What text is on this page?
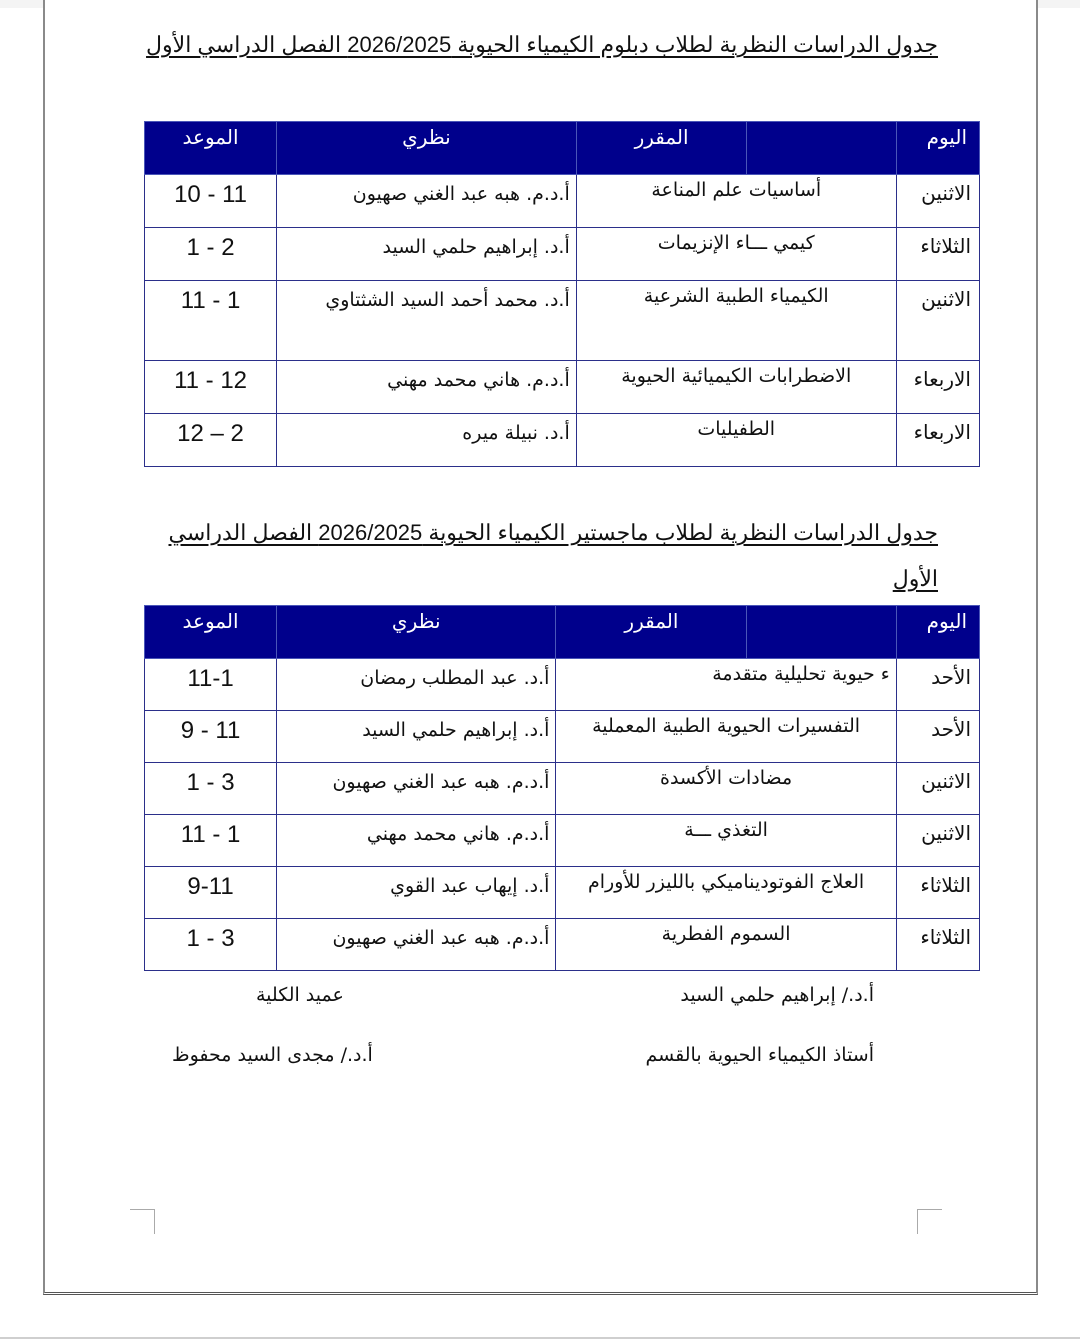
جدول الدراسات النظرية لطلاب دبلوم الكيمياء الحيوية 2026/2025 الفصل الدراسي الأول
اليوم		المقرر	نظري	الموعد
الاثنين	أساسيات علم المناعة		أ.د.م. هبه عبد الغني صهيون	10 - 11
الثلاثاء	كيمي ـــاء الإنزيمات		أ.د. إبراهيم حلمي السيد	1 - 2
الاثنين	الكيمياء الطبية الشرعية		أ.د. محمد أحمد السيد الشثتاوي	11 - 1
الاربعاء	الاضطرابات الكيميائية الحيوية		أ.د.م. هاني محمد مهني	11 - 12
الاربعاء	الطفيليات		أ.د. نبيلة ميره	12 – 2
جدول الدراسات النظرية لطلاب ماجستير الكيمياء الحيوية 2026/2025 الفصل الدراسي الأول
اليوم		المقرر	نظري	الموعد
الأحد	ء حيوية تحليلية متقدمة		أ.د. عبد المطلب رمضان	11-1
الأحد	التفسيرات الحيوية الطبية المعملية		أ.د. إبراهيم حلمي السيد	9 - 11
الاثنين	مضادات الأكسدة		أ.د.م. هبه عبد الغني صهيون	1 - 3
الاثنين	التغذي ـــة		أ.د.م. هاني محمد مهني	11 - 1
الثلاثاء	العلاج الفوتوديناميكي بالليزر للأورام		أ.د. إيهاب عبد القوي	9-11
الثلاثاء	السموم الفطرية		أ.د.م. هبه عبد الغني صهيون	1 - 3
أ.د./ إبراهيم حلمي السيد
عميد الكلية
أستاذ الكيمياء الحيوية بالقسم
أ.د./ مجدى السيد محفوظ
